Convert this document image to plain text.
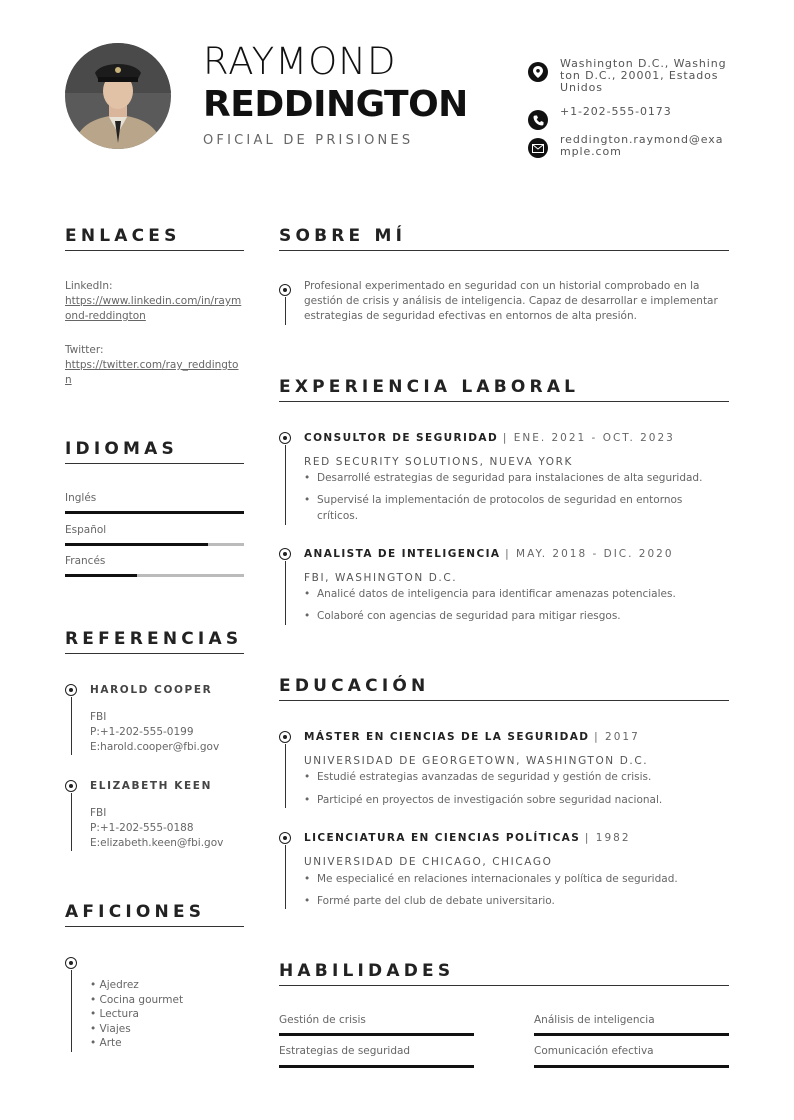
RAYMOND
REDDINGTON
OFICIAL DE PRISIONES
Washington D.C., Washington D.C., 20001, Estados Unidos
+1-202-555-0173
reddington.raymond@example.com
ENLACES
LinkedIn:
https://www.linkedin.com/in/raymond-reddington
Twitter:
https://twitter.com/ray_reddington
IDIOMAS
Inglés
Español
Francés
REFERENCIAS
HAROLD COOPER
FBI
P:+1-202-555-0199
E:harold.cooper@fbi.gov
ELIZABETH KEEN
FBI
P:+1-202-555-0188
E:elizabeth.keen@fbi.gov
AFICIONES
• Ajedrez
• Cocina gourmet
• Lectura
• Viajes
• Arte
SOBRE MÍ
Profesional experimentado en seguridad con un historial comprobado en la gestión de crisis y análisis de inteligencia. Capaz de desarrollar e implementar estrategias de seguridad efectivas en entornos de alta presión.
EXPERIENCIA LABORAL
CONSULTOR DE SEGURIDAD | ENE. 2021 - OCT. 2023
RED SECURITY SOLUTIONS, NUEVA YORK
• Desarrollé estrategias de seguridad para instalaciones de alta seguridad.
• Supervisé la implementación de protocolos de seguridad en entornos críticos.
ANALISTA DE INTELIGENCIA | MAY. 2018 - DIC. 2020
FBI, WASHINGTON D.C.
• Analicé datos de inteligencia para identificar amenazas potenciales.
• Colaboré con agencias de seguridad para mitigar riesgos.
EDUCACIÓN
MÁSTER EN CIENCIAS DE LA SEGURIDAD | 2017
UNIVERSIDAD DE GEORGETOWN, WASHINGTON D.C.
• Estudié estrategias avanzadas de seguridad y gestión de crisis.
• Participé en proyectos de investigación sobre seguridad nacional.
LICENCIATURA EN CIENCIAS POLÍTICAS | 1982
UNIVERSIDAD DE CHICAGO, CHICAGO
• Me especialicé en relaciones internacionales y política de seguridad.
• Formé parte del club de debate universitario.
HABILIDADES
Gestión de crisis	Análisis de inteligencia
Estrategias de seguridad	Comunicación efectiva
